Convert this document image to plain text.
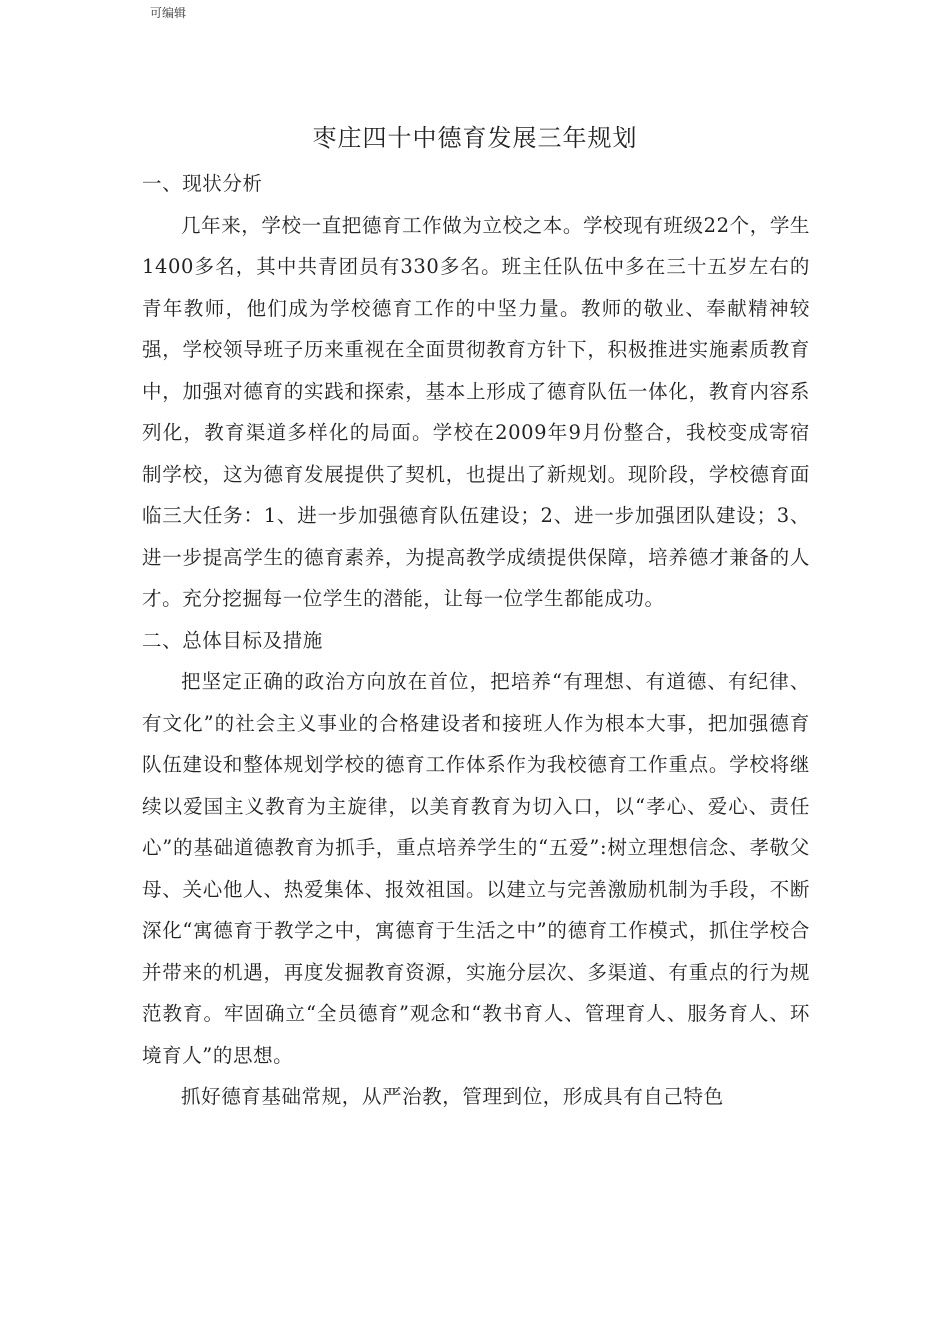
可编辑
枣庄四十中德育发展三年规划

一、现状分析

几年来，学校一直把德育工作做为立校之本。学校现有班级22个，学生1400多名，其中共青团员有330多名。班主任队伍中多在三十五岁左右的青年教师，他们成为学校德育工作的中坚力量。教师的敬业、奉献精神较强，学校领导班子历来重视在全面贯彻教育方针下，积极推进实施素质教育中，加强对德育的实践和探索，基本上形成了德育队伍一体化，教育内容系列化，教育渠道多样化的局面。学校在2009年9月份整合，我校变成寄宿制学校，这为德育发展提供了契机，也提出了新规划。现阶段，学校德育面临三大任务：1、进一步加强德育队伍建设；2、进一步加强团队建设；3、进一步提高学生的德育素养，为提高教学成绩提供保障，培养德才兼备的人才。充分挖掘每一位学生的潜能，让每一位学生都能成功。

二、总体目标及措施

把坚定正确的政治方向放在首位，把培养“有理想、有道德、有纪律、有文化”的社会主义事业的合格建设者和接班人作为根本大事，把加强德育队伍建设和整体规划学校的德育工作体系作为我校德育工作重点。学校将继续以爱国主义教育为主旋律，以美育教育为切入口，以“孝心、爱心、责任心”的基础道德教育为抓手，重点培养学生的“五爱”:树立理想信念、孝敬父母、关心他人、热爱集体、报效祖国。以建立与完善激励机制为手段，不断深化“寓德育于教学之中，寓德育于生活之中”的德育工作模式，抓住学校合并带来的机遇，再度发掘教育资源，实施分层次、多渠道、有重点的行为规范教育。牢固确立“全员德育”观念和“教书育人、管理育人、服务育人、环境育人”的思想。

抓好德育基础常规，从严治教，管理到位，形成具有自己特色
